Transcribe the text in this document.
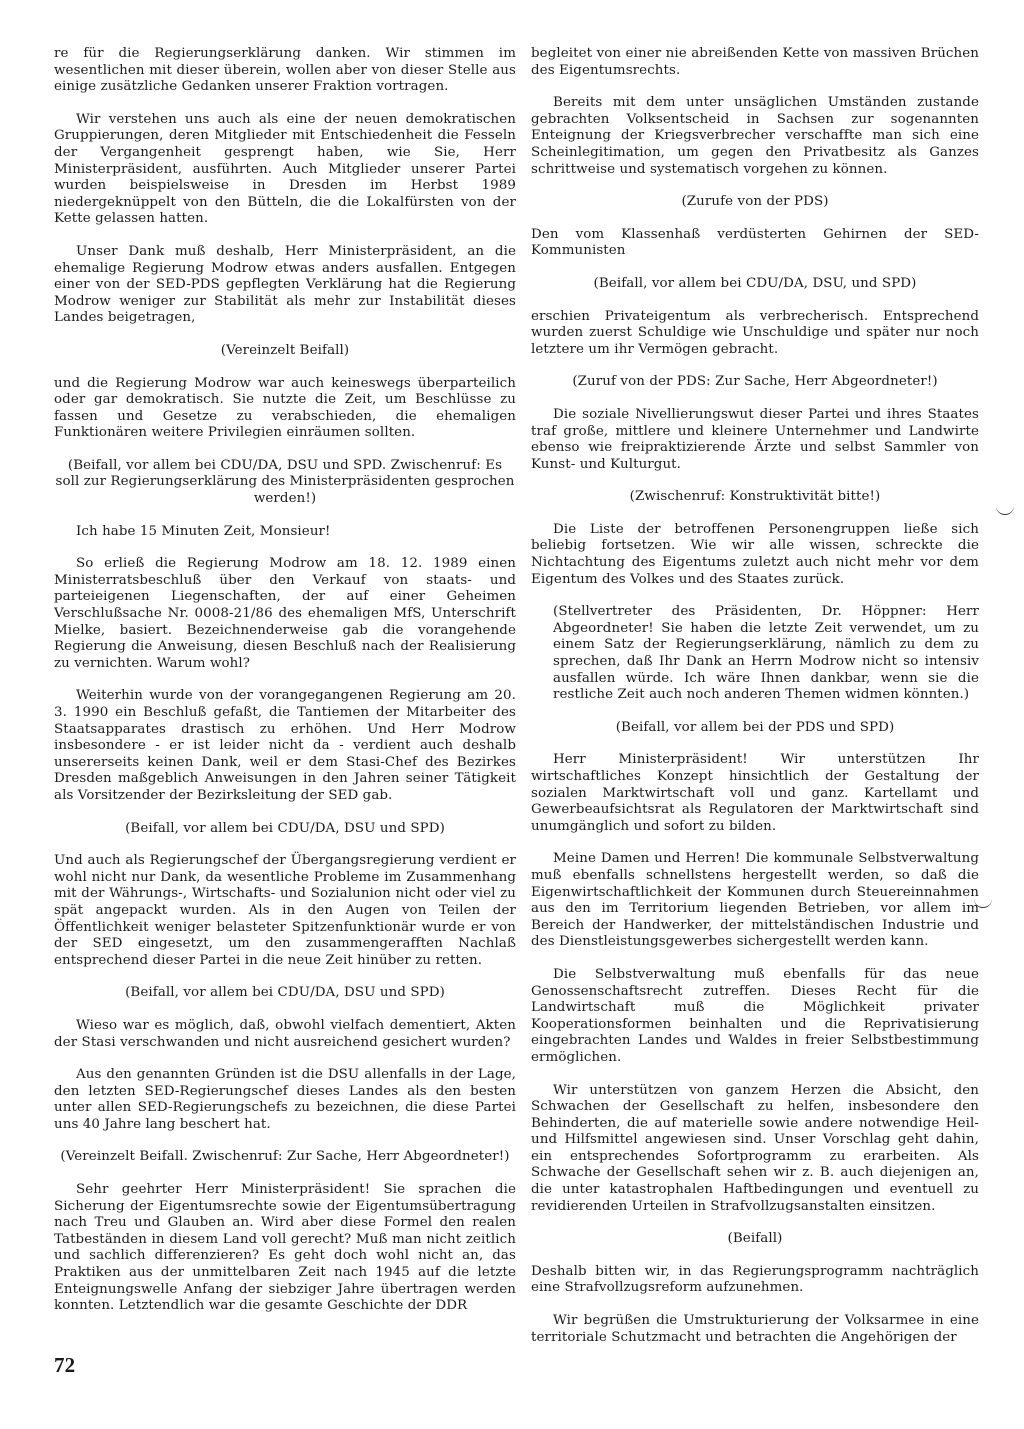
re für die Regierungserklärung danken. Wir stimmen im wesentlichen mit dieser überein, wollen aber von dieser Stelle aus einige zusätzliche Gedanken unserer Fraktion vortragen.
Wir verstehen uns auch als eine der neuen demokratischen Gruppierungen, deren Mitglieder mit Entschiedenheit die Fesseln der Vergangenheit gesprengt haben, wie Sie, Herr Ministerpräsident, ausführten. Auch Mitglieder unserer Partei wurden beispielsweise in Dresden im Herbst 1989 niedergeknüppelt von den Bütteln, die die Lokalfürsten von der Kette gelassen hatten.
Unser Dank muß deshalb, Herr Ministerpräsident, an die ehemalige Regierung Modrow etwas anders ausfallen. Entgegen einer von der SED-PDS gepflegten Verklärung hat die Regierung Modrow weniger zur Stabilität als mehr zur Instabilität dieses Landes beigetragen,
(Vereinzelt Beifall)
und die Regierung Modrow war auch keineswegs überparteilich oder gar demokratisch. Sie nutzte die Zeit, um Beschlüsse zu fassen und Gesetze zu verabschieden, die ehemaligen Funktionären weitere Privilegien einräumen sollten.
(Beifall, vor allem bei CDU/DA, DSU und SPD. Zwischenruf: Es soll zur Regierungserklärung des Ministerpräsidenten gesprochen werden!)
Ich habe 15 Minuten Zeit, Monsieur!
So erließ die Regierung Modrow am 18. 12. 1989 einen Ministerratsbeschluß über den Verkauf von staats- und parteieigenen Liegenschaften, der auf einer Geheimen Verschlußsache Nr. 0008-21/86 des ehemaligen MfS, Unterschrift Mielke, basiert. Bezeichnenderweise gab die vorangehende Regierung die Anweisung, diesen Beschluß nach der Realisierung zu vernichten. Warum wohl?
Weiterhin wurde von der vorangegangenen Regierung am 20. 3. 1990 ein Beschluß gefaßt, die Tantiemen der Mitarbeiter des Staatsapparates drastisch zu erhöhen. Und Herr Modrow insbesondere - er ist leider nicht da - verdient auch deshalb unsererseits keinen Dank, weil er dem Stasi-Chef des Bezirkes Dresden maßgeblich Anweisungen in den Jahren seiner Tätigkeit als Vorsitzender der Bezirksleitung der SED gab.
(Beifall, vor allem bei CDU/DA, DSU und SPD)
Und auch als Regierungschef der Übergangsregierung verdient er wohl nicht nur Dank, da wesentliche Probleme im Zusammenhang mit der Währungs-, Wirtschafts- und Sozialunion nicht oder viel zu spät angepackt wurden. Als in den Augen von Teilen der Öffentlichkeit weniger belasteter Spitzenfunktionär wurde er von der SED eingesetzt, um den zusammengerafften Nachlaß entsprechend dieser Partei in die neue Zeit hinüber zu retten.
(Beifall, vor allem bei CDU/DA, DSU und SPD)
Wieso war es möglich, daß, obwohl vielfach dementiert, Akten der Stasi verschwanden und nicht ausreichend gesichert wurden?
Aus den genannten Gründen ist die DSU allenfalls in der Lage, den letzten SED-Regierungschef dieses Landes als den besten unter allen SED-Regierungschefs zu bezeichnen, die diese Partei uns 40 Jahre lang beschert hat.
(Vereinzelt Beifall. Zwischenruf: Zur Sache, Herr Abgeordneter!)
Sehr geehrter Herr Ministerpräsident! Sie sprachen die Sicherung der Eigentumsrechte sowie der Eigentumsübertragung nach Treu und Glauben an. Wird aber diese Formel den realen Tatbeständen in diesem Land voll gerecht? Muß man nicht zeitlich und sachlich differenzieren? Es geht doch wohl nicht an, das Praktiken aus der unmittelbaren Zeit nach 1945 auf die letzte Enteignungswelle Anfang der siebziger Jahre übertragen werden konnten. Letztendlich war die gesamte Geschichte der DDR
begleitet von einer nie abreißenden Kette von massiven Brüchen des Eigentumsrechts.
Bereits mit dem unter unsäglichen Umständen zustande gebrachten Volksentscheid in Sachsen zur sogenannten Enteignung der Kriegsverbrecher verschaffte man sich eine Scheinlegitimation, um gegen den Privatbesitz als Ganzes schrittweise und systematisch vorgehen zu können.
(Zurufe von der PDS)
Den vom Klassenhaß verdüsterten Gehirnen der SED-Kommunisten
(Beifall, vor allem bei CDU/DA, DSU, und SPD)
erschien Privateigentum als verbrecherisch. Entsprechend wurden zuerst Schuldige wie Unschuldige und später nur noch letztere um ihr Vermögen gebracht.
(Zuruf von der PDS: Zur Sache, Herr Abgeordneter!)
Die soziale Nivellierungswut dieser Partei und ihres Staates traf große, mittlere und kleinere Unternehmer und Landwirte ebenso wie freipraktizierende Ärzte und selbst Sammler von Kunst- und Kulturgut.
(Zwischenruf: Konstruktivität bitte!)
Die Liste der betroffenen Personengruppen ließe sich beliebig fortsetzen. Wie wir alle wissen, schreckte die Nichtachtung des Eigentums zuletzt auch nicht mehr vor dem Eigentum des Volkes und des Staates zurück.
(Stellvertreter des Präsidenten, Dr. Höppner: Herr Abgeordneter! Sie haben die letzte Zeit verwendet, um zu einem Satz der Regierungserklärung, nämlich zu dem zu sprechen, daß Ihr Dank an Herrn Modrow nicht so intensiv ausfallen würde. Ich wäre Ihnen dankbar, wenn sie die restliche Zeit auch noch anderen Themen widmen könnten.)
(Beifall, vor allem bei der PDS und SPD)
Herr Ministerpräsident! Wir unterstützen Ihr wirtschaftliches Konzept hinsichtlich der Gestaltung der sozialen Marktwirtschaft voll und ganz. Kartellamt und Gewerbeaufsichtsrat als Regulatoren der Marktwirtschaft sind unumgänglich und sofort zu bilden.
Meine Damen und Herren! Die kommunale Selbstverwaltung muß ebenfalls schnellstens hergestellt werden, so daß die Eigenwirtschaftlichkeit der Kommunen durch Steuereinnahmen aus den im Territorium liegenden Betrieben, vor allem im Bereich der Handwerker, der mittelständischen Industrie und des Dienstleistungsgewerbes sichergestellt werden kann.
Die Selbstverwaltung muß ebenfalls für das neue Genossenschaftsrecht zutreffen. Dieses Recht für die Landwirtschaft muß die Möglichkeit privater Kooperationsformen beinhalten und die Reprivatisierung eingebrachten Landes und Waldes in freier Selbstbestimmung ermöglichen.
Wir unterstützen von ganzem Herzen die Absicht, den Schwachen der Gesellschaft zu helfen, insbesondere den Behinderten, die auf materielle sowie andere notwendige Heil- und Hilfsmittel angewiesen sind. Unser Vorschlag geht dahin, ein entsprechendes Sofortprogramm zu erarbeiten. Als Schwache der Gesellschaft sehen wir z. B. auch diejenigen an, die unter katastrophalen Haftbedingungen und eventuell zu revidierenden Urteilen in Strafvollzugsanstalten einsitzen.
(Beifall)
Deshalb bitten wir, in das Regierungsprogramm nachträglich eine Strafvollzugsreform aufzunehmen.
Wir begrüßen die Umstrukturierung der Volksarmee in eine territoriale Schutzmacht und betrachten die Angehörigen der
72
